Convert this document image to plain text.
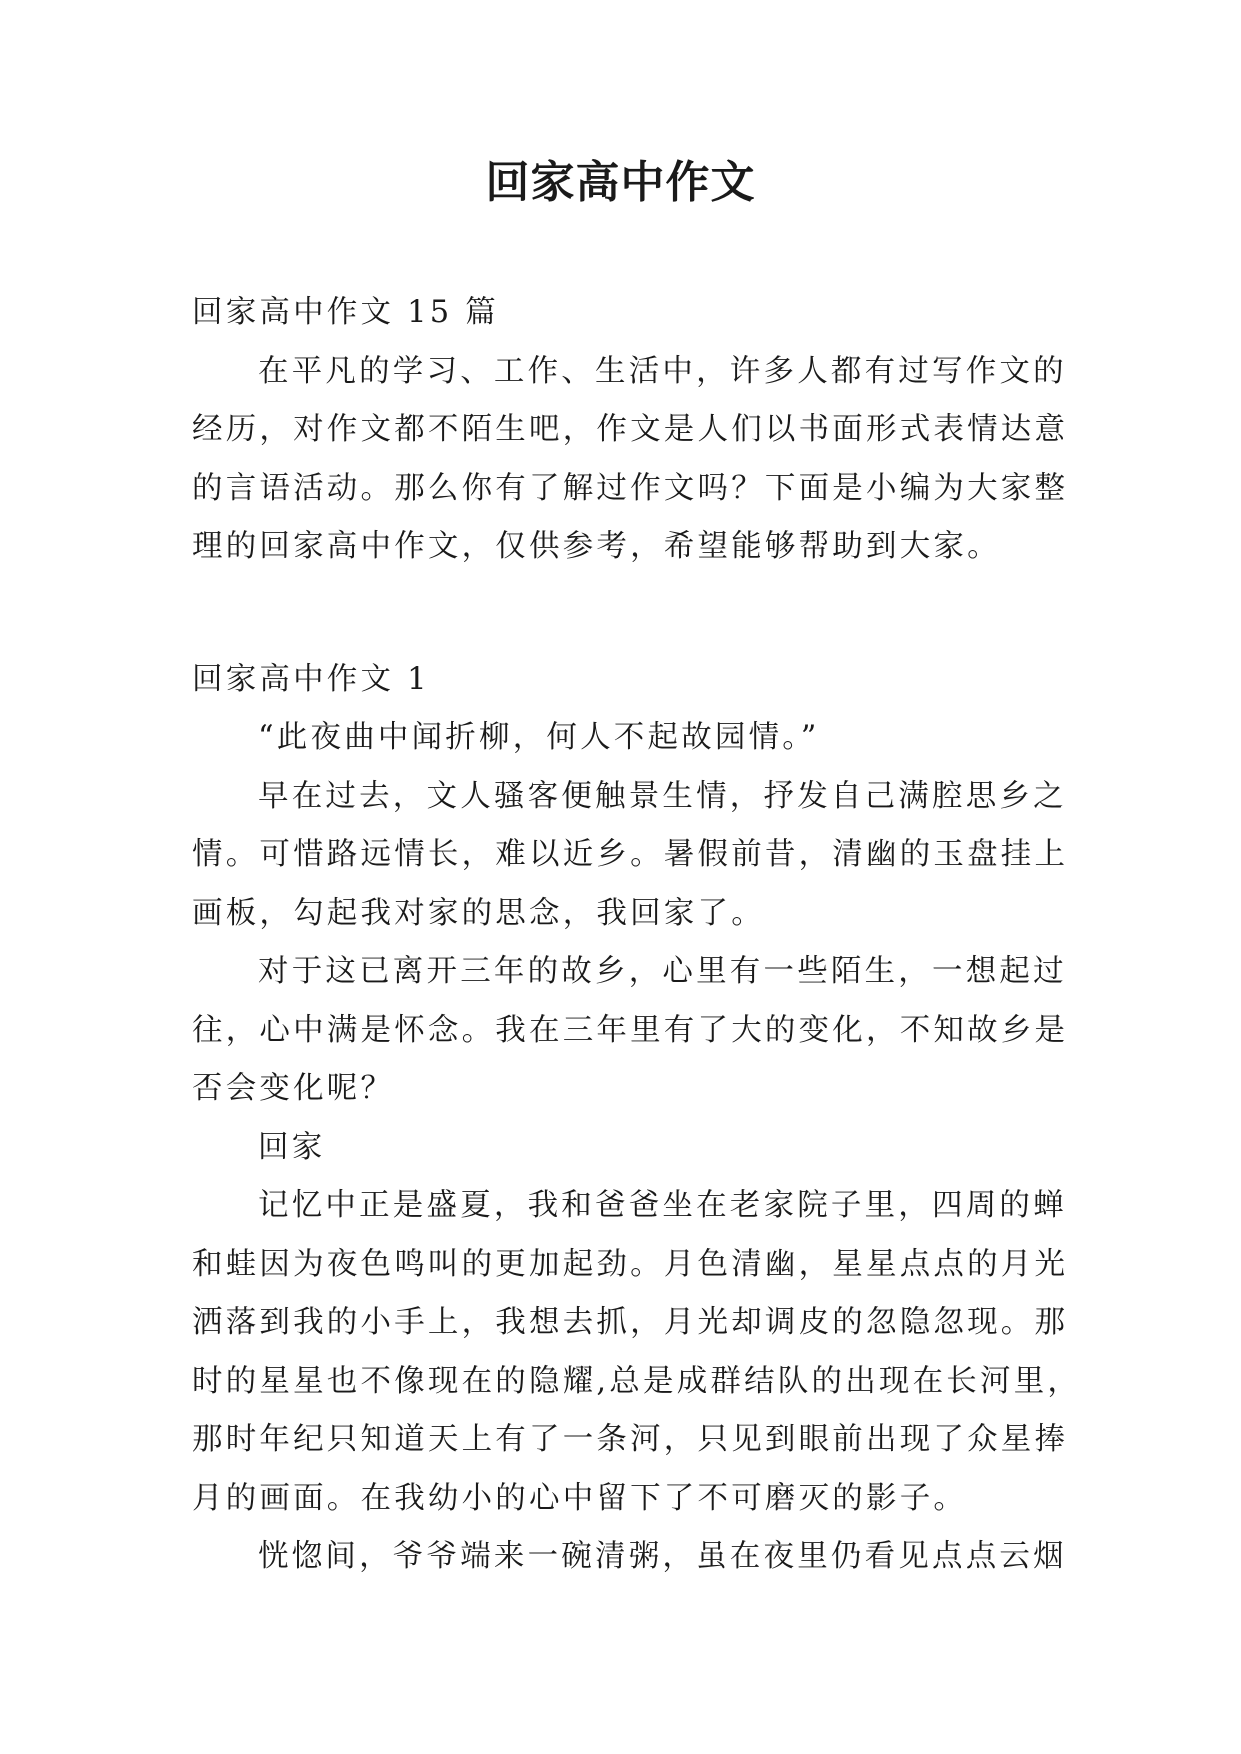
回家高中作文
回家高中作文 15 篇
在平凡的学习、工作、生活中，许多人都有过写作文的
经历，对作文都不陌生吧，作文是人们以书面形式表情达意
的言语活动。那么你有了解过作文吗？下面是小编为大家整
理的回家高中作文，仅供参考，希望能够帮助到大家。
回家高中作文 1
“此夜曲中闻折柳，何人不起故园情。”
早在过去，文人骚客便触景生情，抒发自己满腔思乡之
情。可惜路远情长，难以近乡。暑假前昔，清幽的玉盘挂上
画板，勾起我对家的思念，我回家了。
对于这已离开三年的故乡，心里有一些陌生，一想起过
往，心中满是怀念。我在三年里有了大的变化，不知故乡是
否会变化呢？
回家
记忆中正是盛夏，我和爸爸坐在老家院子里，四周的蝉
和蛙因为夜色鸣叫的更加起劲。月色清幽，星星点点的月光
洒落到我的小手上，我想去抓，月光却调皮的忽隐忽现。那
时的星星也不像现在的隐耀,总是成群结队的出现在长河里，
那时年纪只知道天上有了一条河，只见到眼前出现了众星捧
月的画面。在我幼小的心中留下了不可磨灭的影子。
恍惚间，爷爷端来一碗清粥，虽在夜里仍看见点点云烟
